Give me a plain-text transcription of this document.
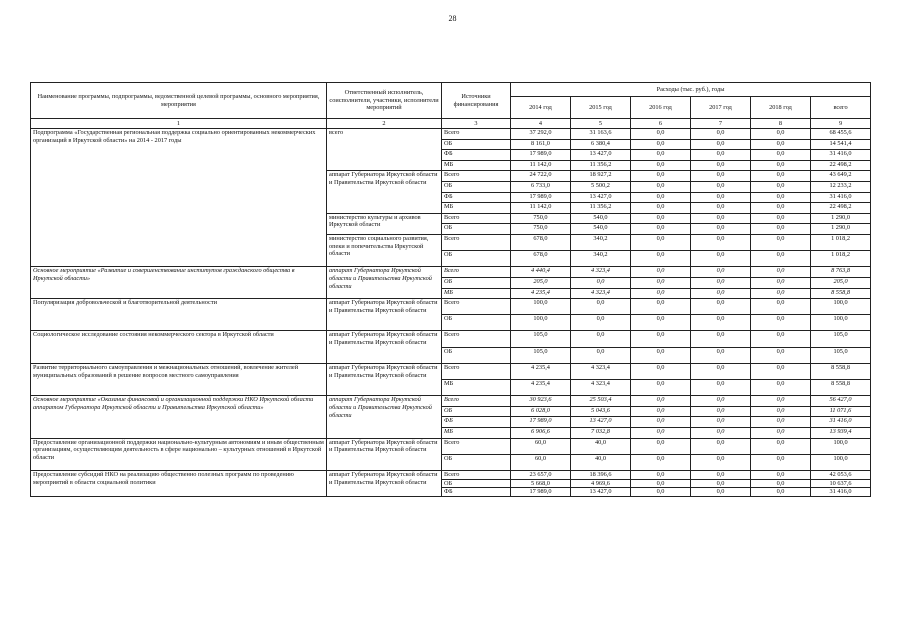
28
Наименование программы, подпрограммы, ведомственной целевой программы, основного мероприятия, мероприятия	Ответственный исполнитель, соисполнители, участники, исполнители мероприятий	Источники финансирования	Расходы (тыс. руб.), годы					
			2014 год	2015 год	2016 год	2017 год	2018 год	всего
1	2	3	4	5	6	7	8	9
Подпрограмма «Государственная региональная поддержка социально ориентированных некоммерческих организаций в Иркутской области» на 2014 - 2017 годы	всего	Всего	37 292,0	31 163,6	0,0	0,0	0,0	68 455,6
		ОБ	8 161,0	6 380,4	0,0	0,0	0,0	14 541,4
		ФБ	17 989,0	13 427,0	0,0	0,0	0,0	31 416,0
		МБ	11 142,0	11 356,2	0,0	0,0	0,0	22 498,2
	аппарат Губернатора Иркутской области и Правительства Иркутской области	Всего	24 722,0	18 927,2	0,0	0,0	0,0	43 649,2
		ОБ	6 733,0	5 500,2	0,0	0,0	0,0	12 233,2
		ФБ	17 989,0	13 427,0	0,0	0,0	0,0	31 416,0
		МБ	11 142,0	11 356,2	0,0	0,0	0,0	22 498,2
	министерство культуры и архивов Иркутской области	Всего	750,0	540,0	0,0	0,0	0,0	1 290,0
		ОБ	750,0	540,0	0,0	0,0	0,0	1 290,0
	министерство социального развития, опеки и попечительства Иркутской области	Всего	678,0	340,2	0,0	0,0	0,0	1 018,2
		ОБ	678,0	340,2	0,0	0,0	0,0	1 018,2
Основное мероприятие «Развитие и совершенствование институтов гражданского общества в Иркутской области»	аппарат Губернатора Иркутской области и Правительства Иркутской области	Всего	4 440,4	4 323,4	0,0	0,0	0,0	8 763,8
		ОБ	205,0	0,0	0,0	0,0	0,0	205,0
		МБ	4 235,4	4 323,4	0,0	0,0	0,0	8 558,8
Популяризация добровольческой и благотворительной деятельности	аппарат Губернатора Иркутской области и Правительства Иркутской области	Всего	100,0	0,0	0,0	0,0	0,0	100,0
		ОБ	100,0	0,0	0,0	0,0	0,0	100,0
Социологическое исследование состояния некоммерческого сектора в Иркутской области	аппарат Губернатора Иркутской области и Правительства Иркутской области	Всего	105,0	0,0	0,0	0,0	0,0	105,0
		ОБ	105,0	0,0	0,0	0,0	0,0	105,0
Развитие территориального самоуправления и межнациональных отношений, вовлечение жителей муниципальных образований в решение вопросов местного самоуправления	аппарат Губернатора Иркутской области и Правительства Иркутской области	Всего	4 235,4	4 323,4	0,0	0,0	0,0	8 558,8
		МБ	4 235,4	4 323,4	0,0	0,0	0,0	8 558,8
Основное мероприятие «Оказание финансовой и организационной поддержки НКО Иркутской области аппаратом Губернатора Иркутской области и Правительства Иркутской области»	аппарат Губернатора Иркутской области и Правительства Иркутской области	Всего	30 923,6	25 503,4	0,0	0,0	0,0	56 427,0
		ОБ	6 028,0	5 043,6	0,0	0,0	0,0	11 071,6
		ФБ	17 989,0	13 427,0	0,0	0,0	0,0	31 416,0
		МБ	6 906,6	7 032,8	0,0	0,0	0,0	13 939,4
Предоставление организационной поддержки национально-культурным автономиям и иным общественным организациям, осуществляющим деятельность в сфере национально – культурных отношений в Иркутской области	аппарат Губернатора Иркутской области и Правительства Иркутской области	Всего	60,0	40,0	0,0	0,0	0,0	100,0
		ОБ	60,0	40,0	0,0	0,0	0,0	100,0
Предоставление субсидий НКО на реализацию общественно полезных программ по проведению мероприятий в области социальной политики	аппарат Губернатора Иркутской области и Правительства Иркутской области	Всего	23 657,0	18 396,6	0,0	0,0	0,0	42 053,6
		ОБ	5 668,0	4 969,6	0,0	0,0	0,0	10 637,6
		ФБ	17 989,0	13 427,0	0,0	0,0	0,0	31 416,0
